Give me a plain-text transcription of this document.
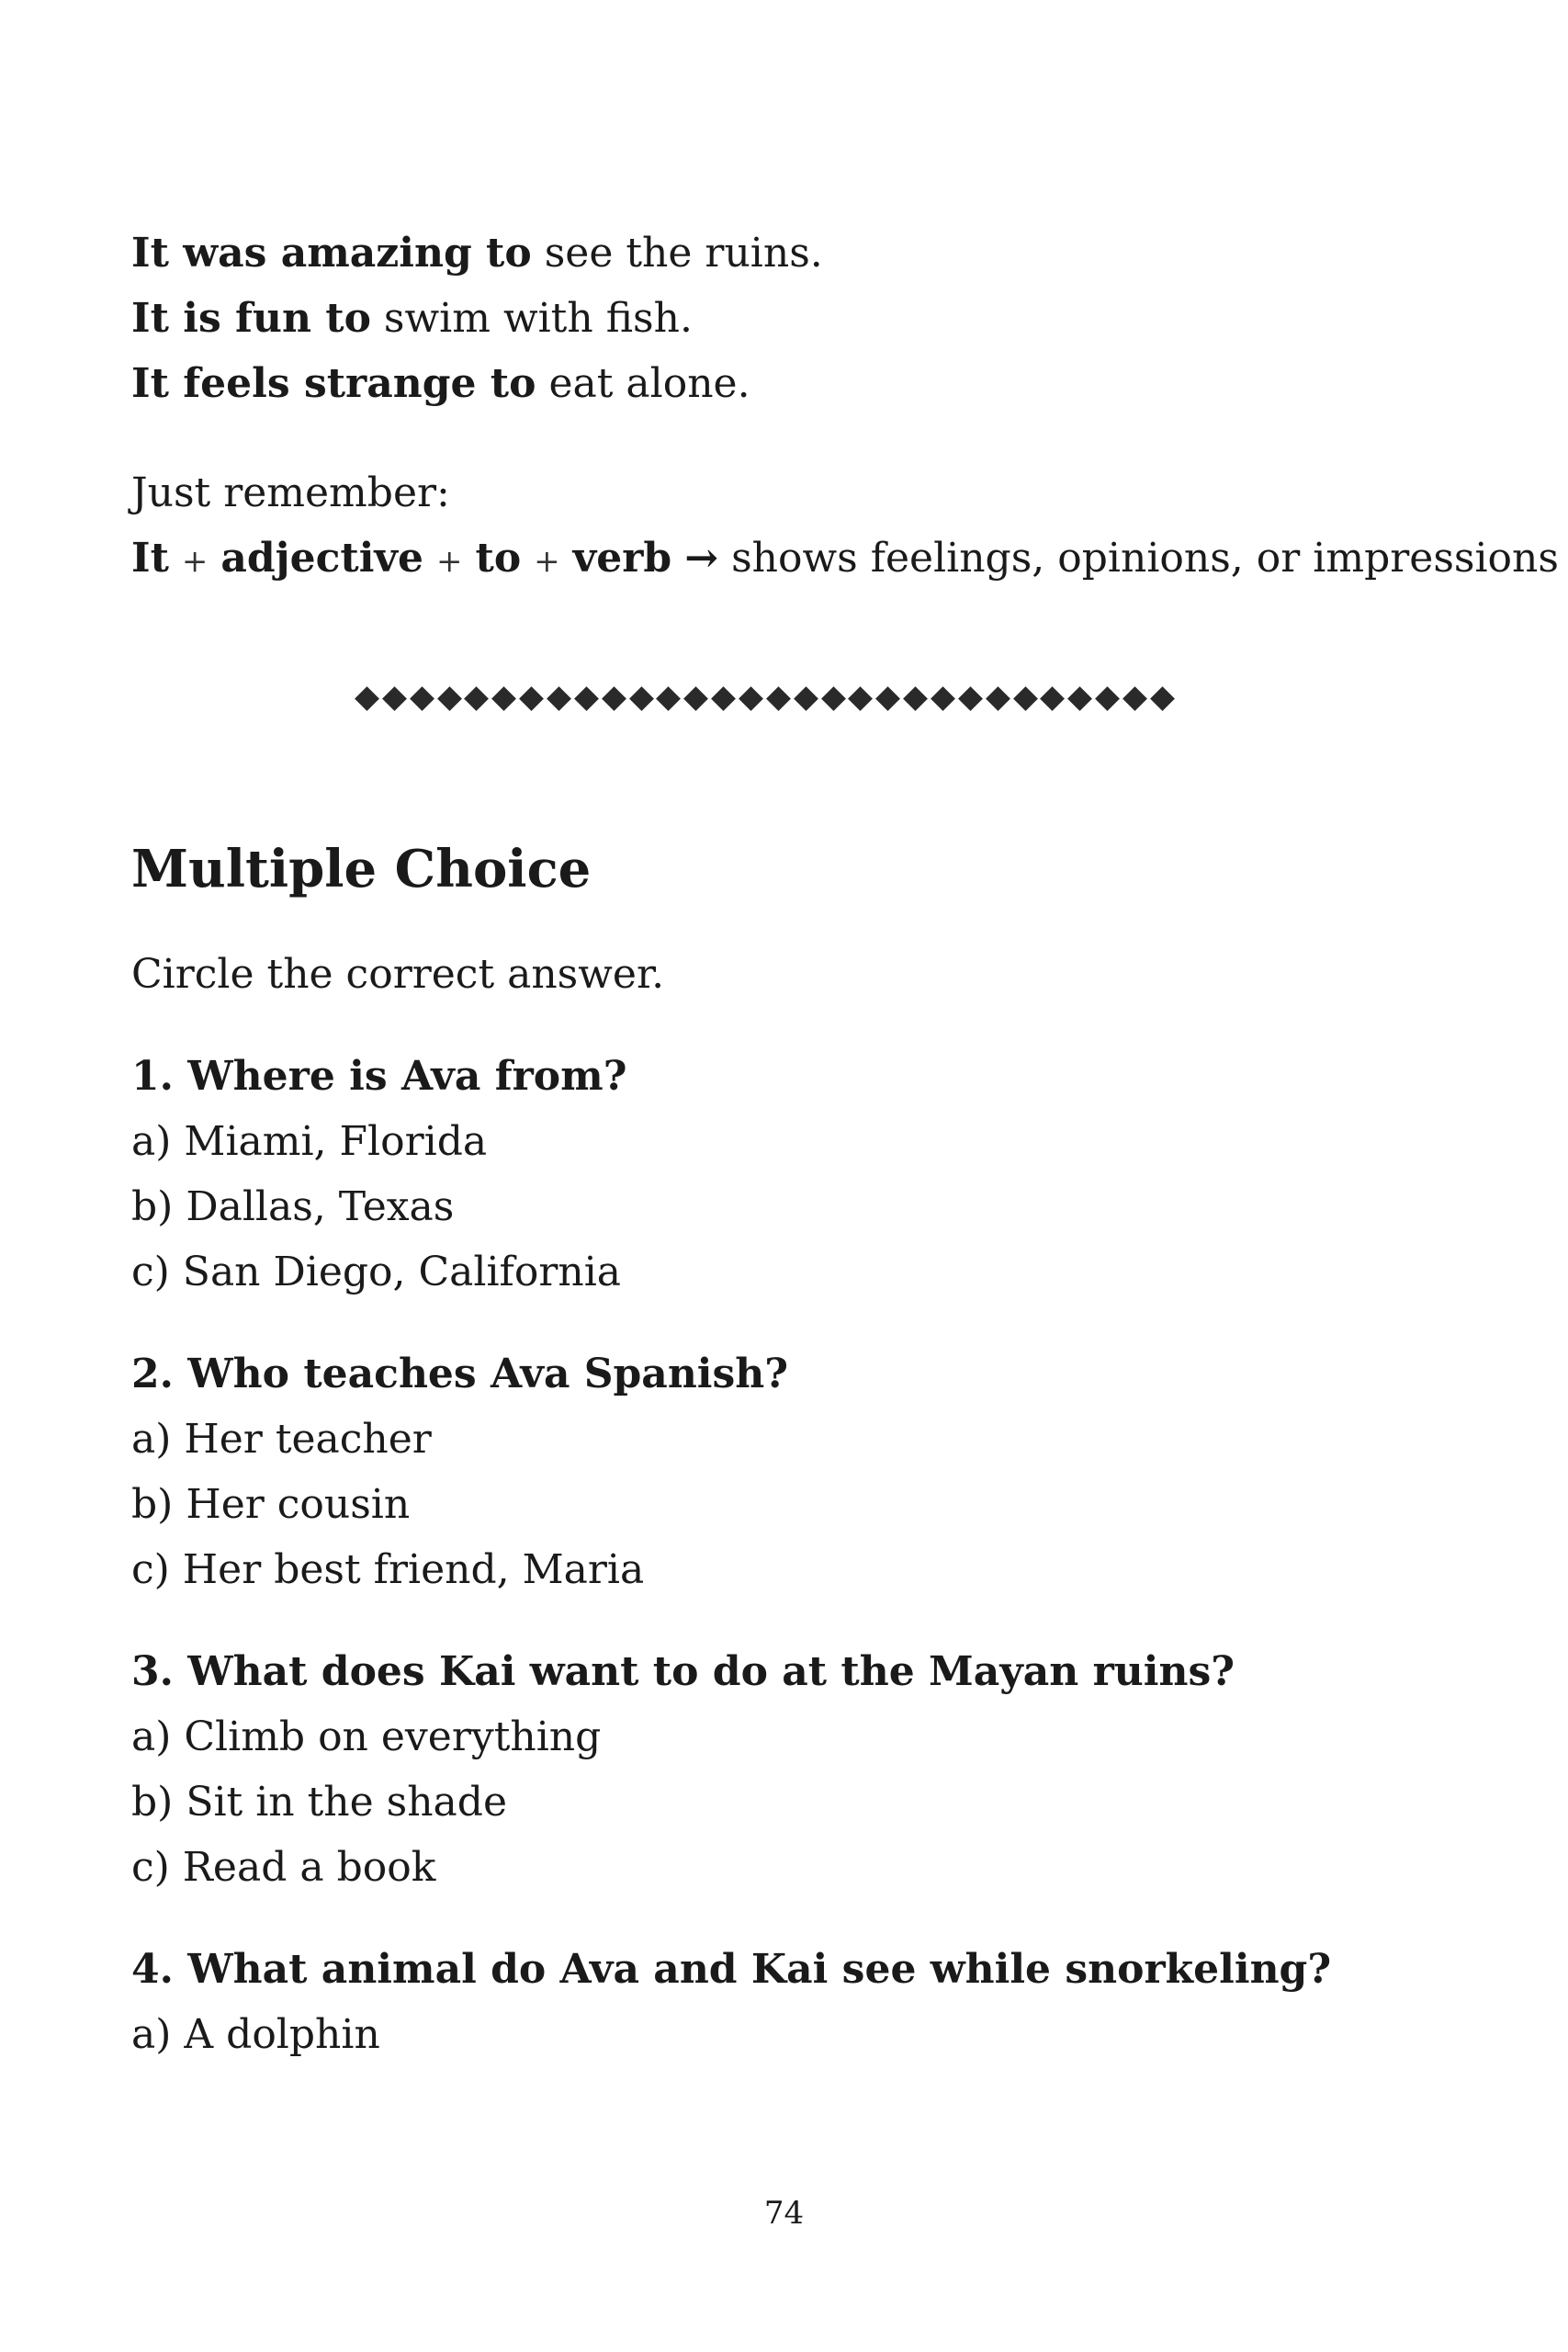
It was amazing to see the ruins.
It is fun to swim with fish.
It feels strange to eat alone.
Just remember:
It + adjective + to + verb → shows feelings, opinions, or impressions
Multiple Choice
Circle the correct answer.
1. Where is Ava from?
a) Miami, Florida
b) Dallas, Texas
c) San Diego, California
2. Who teaches Ava Spanish?
a) Her teacher
b) Her cousin
c) Her best friend, Maria
3. What does Kai want to do at the Mayan ruins?
a) Climb on everything
b) Sit in the shade
c) Read a book
4. What animal do Ava and Kai see while snorkeling?
a) A dolphin
74
